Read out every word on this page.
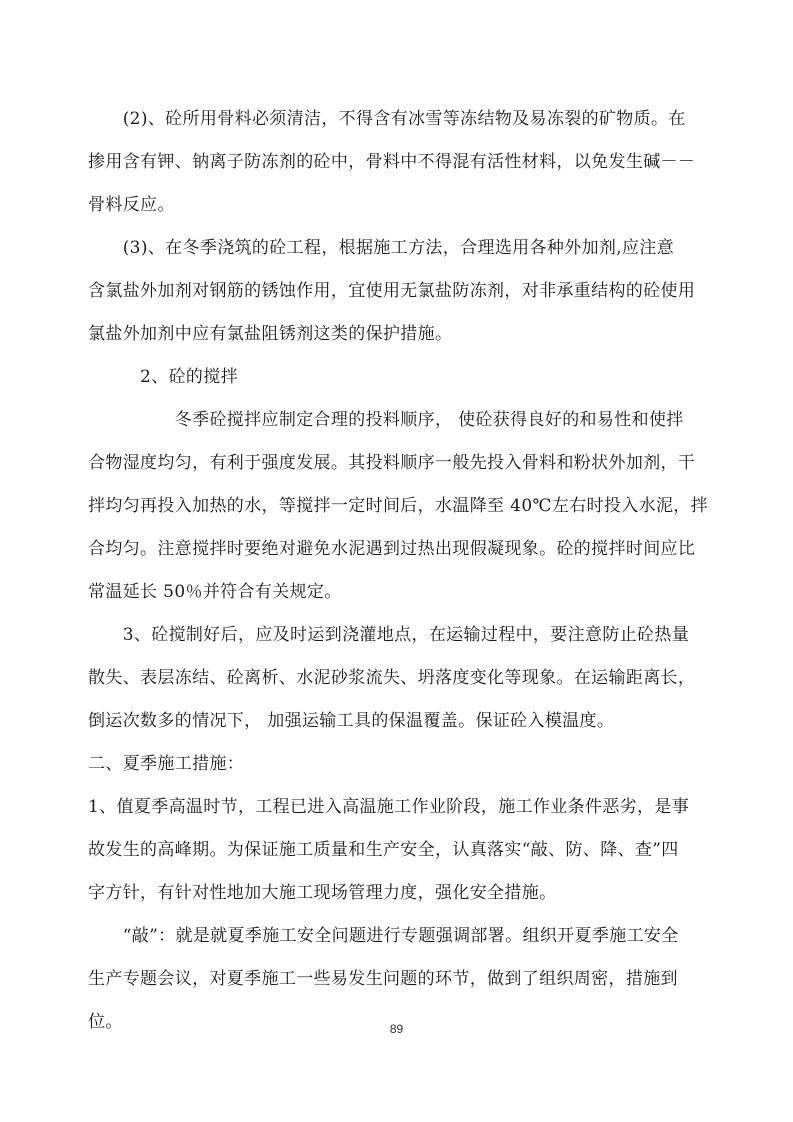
　　(2)、砼所用骨料必须清洁，不得含有冰雪等冻结物及易冻裂的矿物质。在
掺用含有钾、钠离子防冻剂的砼中，骨料中不得混有活性材料，以免发生碱－－
骨料反应。
　　(3)、在冬季浇筑的砼工程，根据施工方法，合理选用各种外加剂,应注意
含氯盐外加剂对钢筋的锈蚀作用，宜使用无氯盐防冻剂，对非承重结构的砼使用
氯盐外加剂中应有氯盐阻锈剂这类的保护措施。
　　　2、砼的搅拌
　　　　　冬季砼搅拌应制定合理的投料顺序， 使砼获得良好的和易性和使拌
合物湿度均匀，有利于强度发展。其投料顺序一般先投入骨料和粉状外加剂，干
拌均匀再投入加热的水，等搅拌一定时间后，水温降至 40℃左右时投入水泥，拌
合均匀。注意搅拌时要绝对避免水泥遇到过热出现假凝现象。砼的搅拌时间应比
常温延长 50％并符合有关规定。
　　3、砼搅制好后，应及时运到浇灌地点，在运输过程中，要注意防止砼热量
散失、表层冻结、砼离析、水泥砂浆流失、坍落度变化等现象。在运输距离长，
倒运次数多的情况下， 加强运输工具的保温覆盖。保证砼入模温度。
二、夏季施工措施：
1、值夏季高温时节，工程已进入高温施工作业阶段，施工作业条件恶劣，是事
故发生的高峰期。为保证施工质量和生产安全，认真落实“敲、防、降、查”四
字方针，有针对性地加大施工现场管理力度，强化安全措施。
　　“敲”：就是就夏季施工安全问题进行专题强调部署。组织开夏季施工安全
生产专题会议，对夏季施工一些易发生问题的环节，做到了组织周密，措施到
位。	89
